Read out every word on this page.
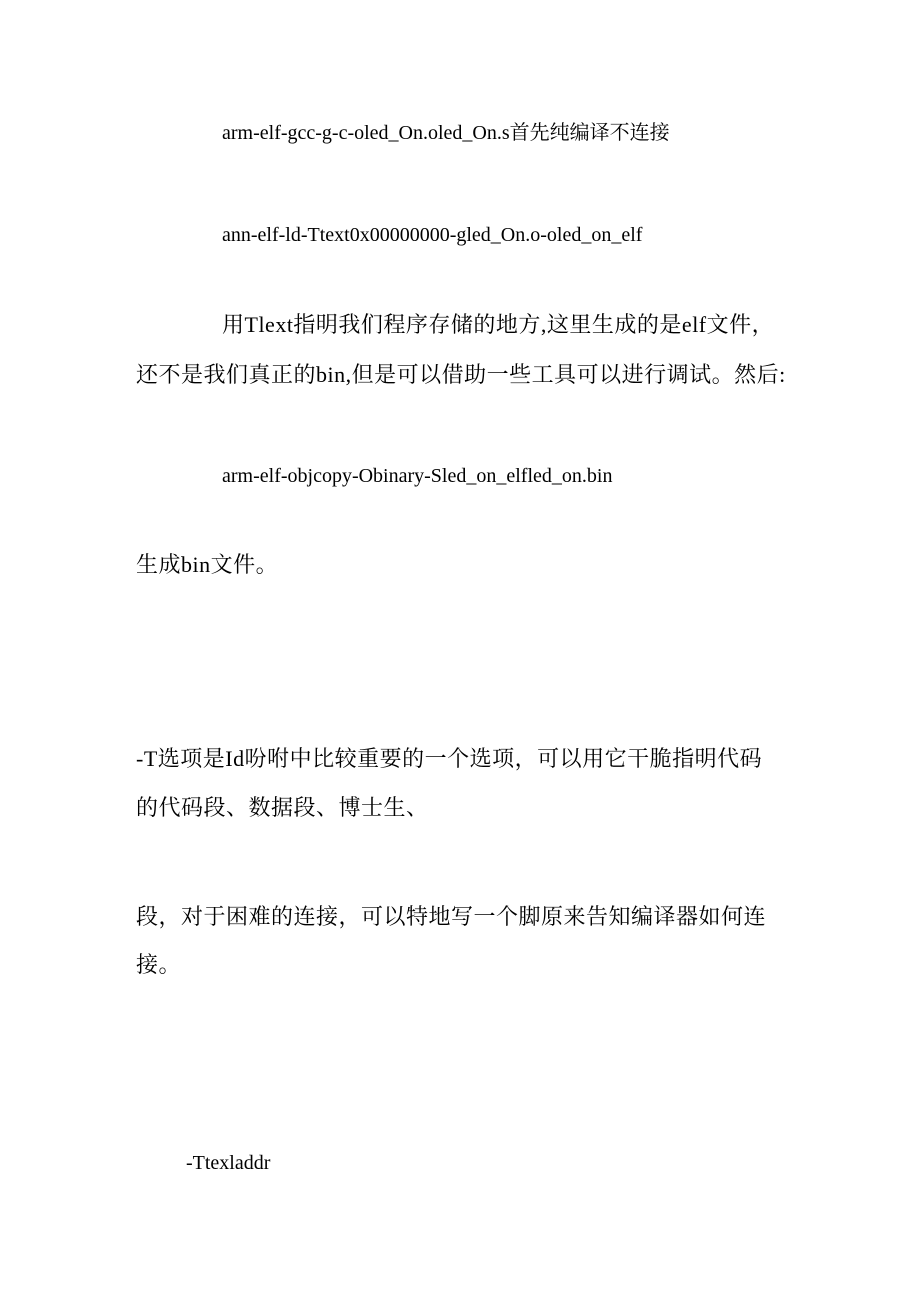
arm-elf-gcc-g-c-oled_On.oled_On.s首先纯编译不连接

ann-elf-ld-Ttext0x00000000-gled_On.o-oled_on_elf

用Tlext指明我们程序存储的地方,这里生成的是elf文件，

还不是我们真正的bin,但是可以借助一些工具可以进行调试。然后:

arm-elf-objcopy-Obinary-Sled_on_elfled_on.bin

生成bin文件。

-T选项是Id吩咐中比较重要的一个选项，可以用它干脆指明代码

的代码段、数据段、博士生、

段，对于困难的连接，可以特地写一个脚原来告知编译器如何连

接。

-Ttexladdr
